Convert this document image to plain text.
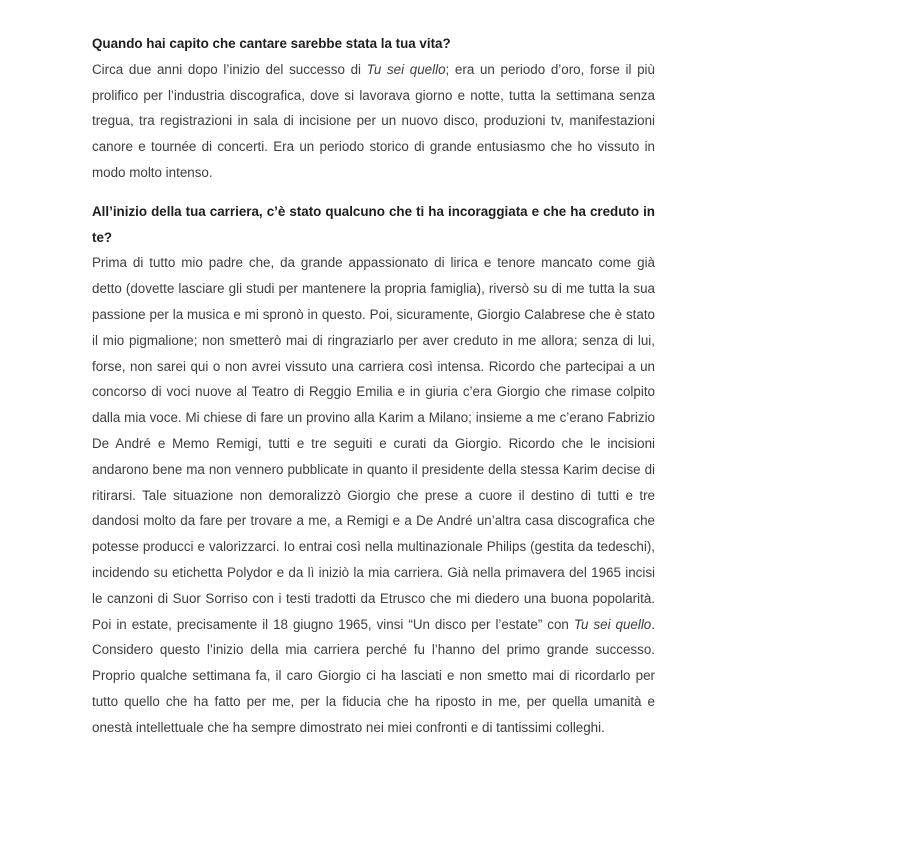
Quando hai capito che cantare sarebbe stata la tua vita?

Circa due anni dopo l’inizio del successo di Tu sei quello; era un periodo d’oro, forse il più prolifico per l’industria discografica, dove si lavorava giorno e notte, tutta la settimana senza tregua, tra registrazioni in sala di incisione per un nuovo disco, produzioni tv, manifestazioni canore e tournée di concerti. Era un periodo storico di grande entusiasmo che ho vissuto in modo molto intenso.

All’inizio della tua carriera, c’è stato qualcuno che ti ha incoraggiata e che ha creduto in te?

Prima di tutto mio padre che, da grande appassionato di lirica e tenore mancato come già detto (dovette lasciare gli studi per mantenere la propria famiglia), riversò su di me tutta la sua passione per la musica e mi spronò in questo. Poi, sicuramente, Giorgio Calabrese che è stato il mio pigmalione; non smetterò mai di ringraziarlo per aver creduto in me allora; senza di lui, forse, non sarei qui o non avrei vissuto una carriera così intensa. Ricordo che partecipai a un concorso di voci nuove al Teatro di Reggio Emilia e in giuria c’era Giorgio che rimase colpito dalla mia voce. Mi chiese di fare un provino alla Karim a Milano; insieme a me c’erano Fabrizio De André e Memo Remigi, tutti e tre seguiti e curati da Giorgio. Ricordo che le incisioni andarono bene ma non vennero pubblicate in quanto il presidente della stessa Karim decise di ritirarsi. Tale situazione non demoralizzò Giorgio che prese a cuore il destino di tutti e tre dandosi molto da fare per trovare a me, a Remigi e a De André un’altra casa discografica che potesse producci e valorizzarci. Io entrai così nella multinazionale Philips (gestita da tedeschi), incidendo su etichetta Polydor e da lì iniziò la mia carriera. Già nella primavera del 1965 incisi le canzoni di Suor Sorriso con i testi tradotti da Etrusco che mi diedero una buona popolarità. Poi in estate, precisamente il 18 giugno 1965, vinsi “Un disco per l’estate” con Tu sei quello. Considero questo l’inizio della mia carriera perché fu l’hanno del primo grande successo. Proprio qualche settimana fa, il caro Giorgio ci ha lasciati e non smetto mai di ricordarlo per tutto quello che ha fatto per me, per la fiducia che ha riposto in me, per quella umanità e onestà intellettuale che ha sempre dimostrato nei miei confronti e di tantissimi colleghi.
